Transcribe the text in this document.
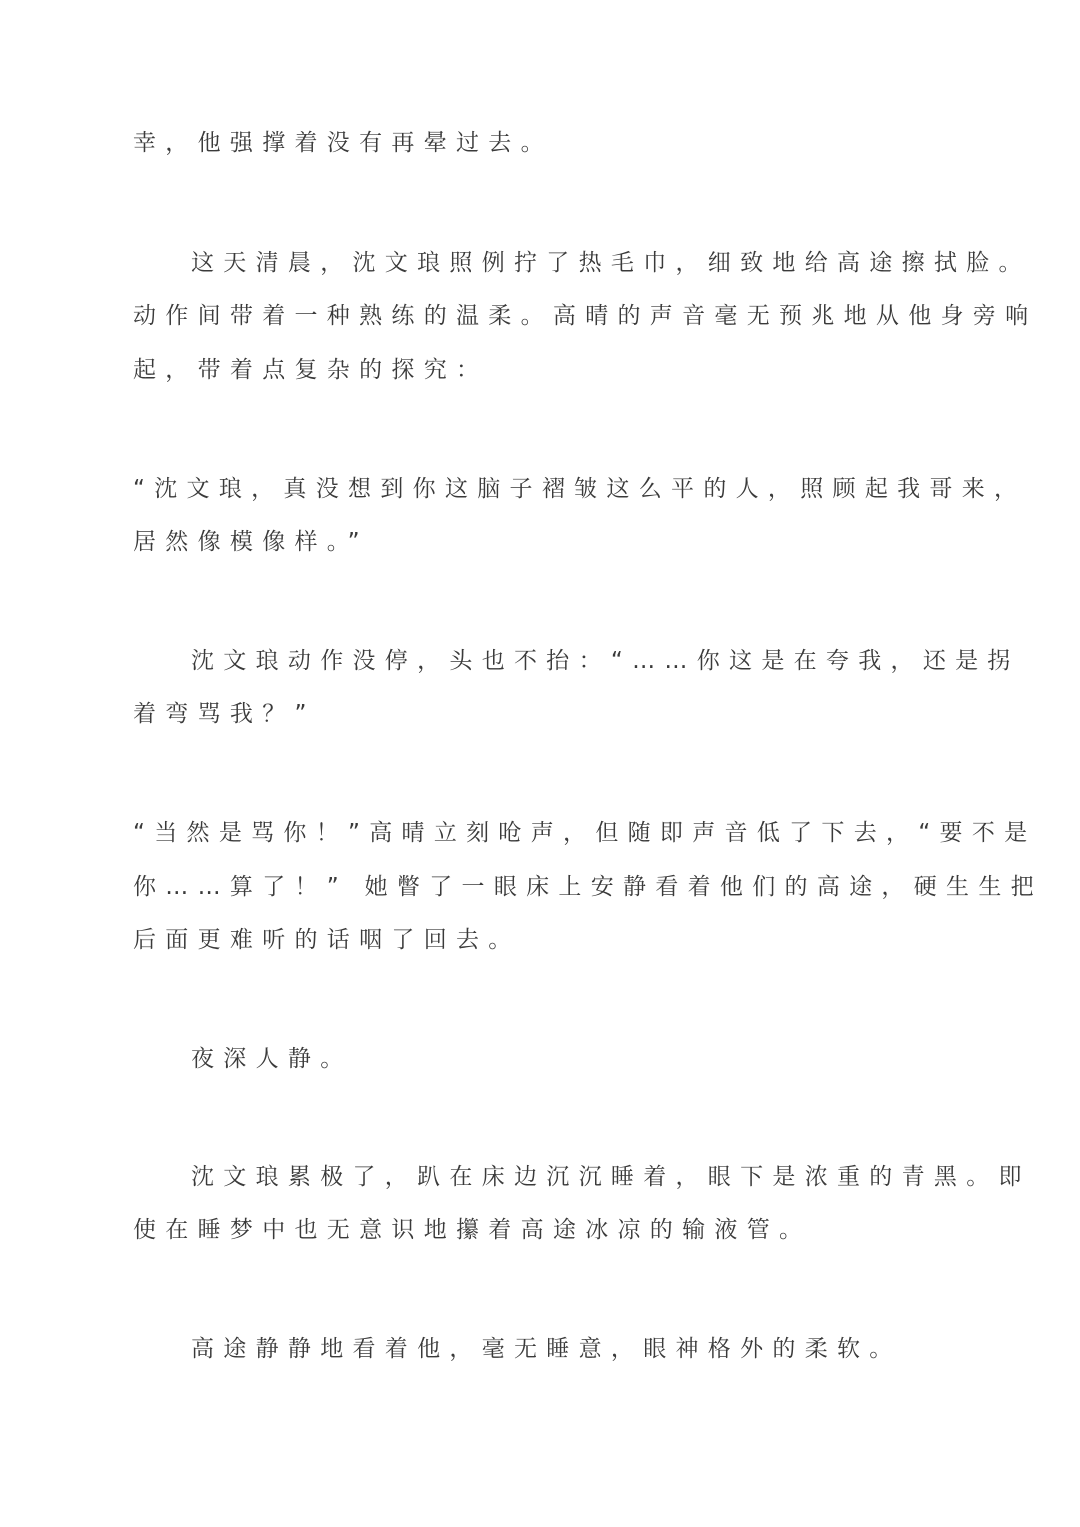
幸，他强撑着没有再晕过去。
这天清晨，沈文琅照例拧了热毛巾，细致地给高途擦拭脸。
动作间带着一种熟练的温柔。高晴的声音毫无预兆地从他身旁响
起，带着点复杂的探究：
“沈文琅，真没想到你这脑子褶皱这么平的人，照顾起我哥来，
居然像模像样。”
沈文琅动作没停，头也不抬：“……你这是在夸我，还是拐
着弯骂我？”
“当然是骂你！”高晴立刻呛声，但随即声音低了下去，“要不是
你……算了！” 她瞥了一眼床上安静看着他们的高途，硬生生把
后面更难听的话咽了回去。
夜深人静。
沈文琅累极了，趴在床边沉沉睡着，眼下是浓重的青黑。即
使在睡梦中也无意识地攥着高途冰凉的输液管。
高途静静地看着他，毫无睡意，眼神格外的柔软。
